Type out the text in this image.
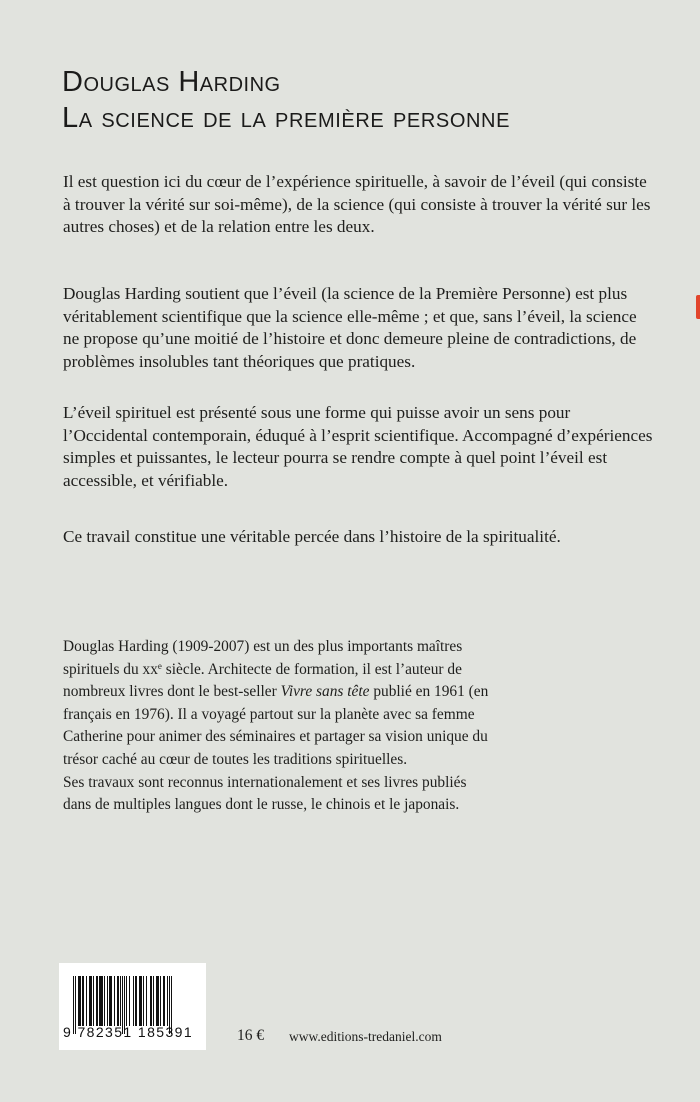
Douglas Harding
La science de la première personne

Il est question ici du cœur de l’expérience spirituelle, à savoir de l’éveil (qui consiste à trouver la vérité sur soi-même), de la science (qui consiste à trouver la vérité sur les autres choses) et de la relation entre les deux.

Douglas Harding soutient que l’éveil (la science de la Première Personne) est plus véritablement scientifique que la science elle-même ; et que, sans l’éveil, la science ne propose qu’une moitié de l’histoire et donc demeure pleine de contradictions, de problèmes insolubles tant théoriques que pratiques.

L’éveil spirituel est présenté sous une forme qui puisse avoir un sens pour l’Occidental contemporain, éduqué à l’esprit scientifique. Accompagné d’expériences simples et puissantes, le lecteur pourra se rendre compte à quel point l’éveil est accessible, et vérifiable.

Ce travail constitue une véritable percée dans l’histoire de la spiritualité.

Douglas Harding (1909-2007) est un des plus importants maîtres
spirituels du $xx^e$ siècle. Architecte de formation, il est l’auteur de
nombreux livres dont le best-seller Vivre sans tête publié en 1961 (en
français en 1976). Il a voyagé partout sur la planète avec sa femme
Catherine pour animer des séminaires et partager sa vision unique du
trésor caché au cœur de toutes les traditions spirituelles.
Ses travaux sont reconnus internationalement et ses livres publiés
dans de multiples langues dont le russe, le chinois et le japonais.
9 782351 185391	16 € www.editions-tredaniel.com
